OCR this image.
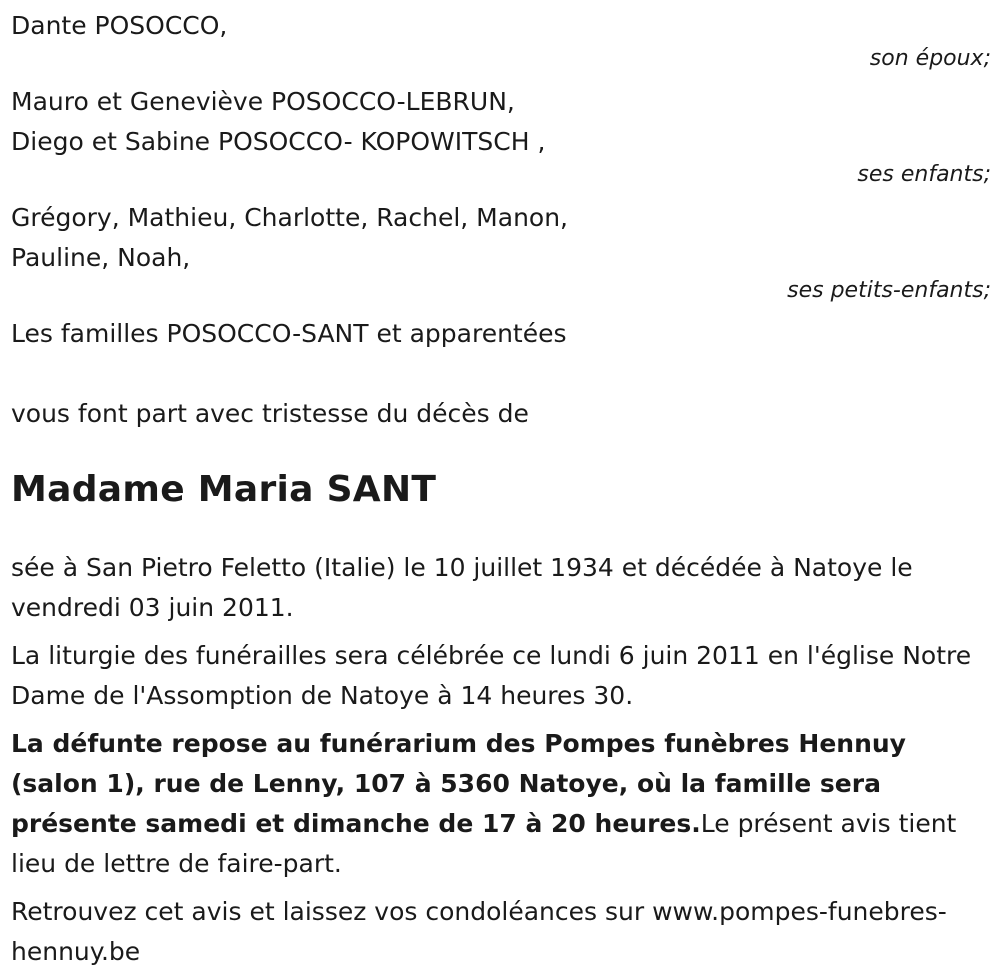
Dante POSOCCO,
son époux;
Mauro et Geneviève POSOCCO-LEBRUN,
Diego et Sabine POSOCCO- KOPOWITSCH ,
ses enfants;
Grégory, Mathieu, Charlotte, Rachel, Manon,
Pauline, Noah,
ses petits-enfants;
Les familles POSOCCO-SANT et apparentées
vous font part avec tristesse du décès de
Madame Maria SANT
sée à San Pietro Feletto (Italie) le 10 juillet 1934 et décédée à Natoye le vendredi 03 juin 2011.
La liturgie des funérailles sera célébrée ce lundi 6 juin 2011 en l'église Notre Dame de l'Assomption de Natoye à 14 heures 30.
La défunte repose au funérarium des Pompes funèbres Hennuy (salon 1), rue de Lenny, 107 à 5360 Natoye, où la famille sera présente samedi et dimanche de 17 à 20 heures.Le présent avis tient lieu de lettre de faire-part.
Retrouvez cet avis et laissez vos condoléances sur www.pompes-funebres-hennuy.be
